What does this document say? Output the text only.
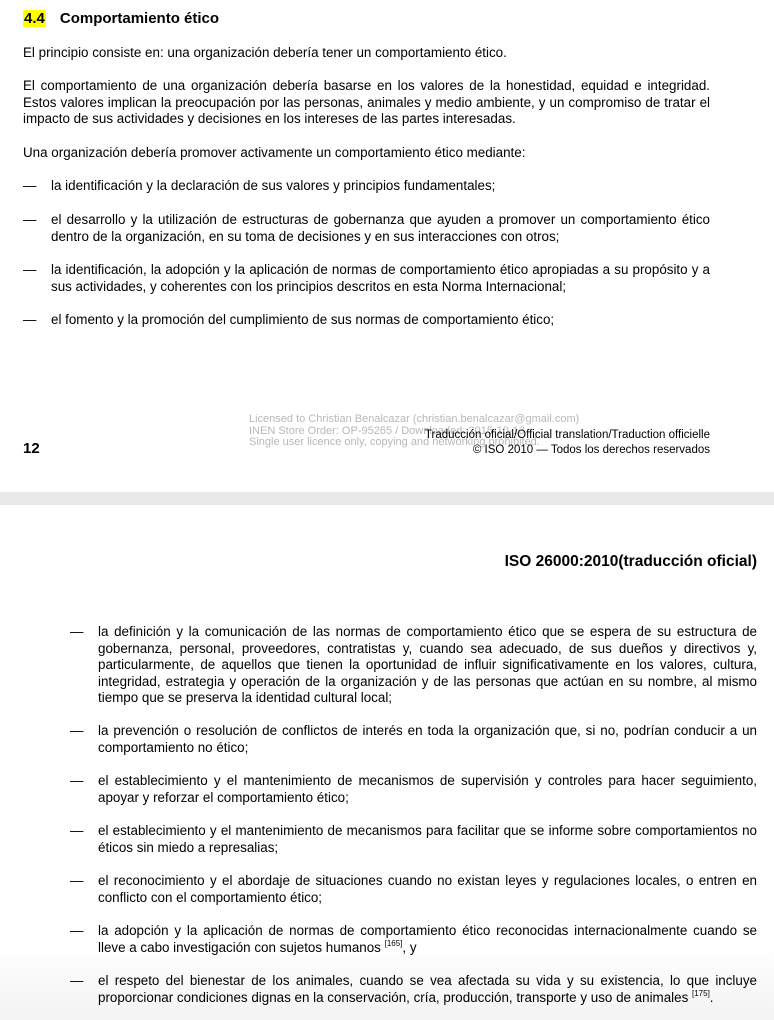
4.4 Comportamiento ético
El principio consiste en: una organización debería tener un comportamiento ético.
El comportamiento de una organización debería basarse en los valores de la honestidad, equidad e integridad. Estos valores implican la preocupación por las personas, animales y medio ambiente, y un compromiso de tratar el impacto de sus actividades y decisiones en los intereses de las partes interesadas.
Una organización debería promover activamente un comportamiento ético mediante:
— la identificación y la declaración de sus valores y principios fundamentales;
— el desarrollo y la utilización de estructuras de gobernanza que ayuden a promover un comportamiento ético dentro de la organización, en su toma de decisiones y en sus interacciones con otros;
— la identificación, la adopción y la aplicación de normas de comportamiento ético apropiadas a su propósito y a sus actividades, y coherentes con los principios descritos en esta Norma Internacional;
— el fomento y la promoción del cumplimiento de sus normas de comportamiento ético;
12
Licensed to Christian Benalcazar (christian.benalcazar@gmail.com)
INEN Store Order: OP-95265 / Downloaded: 2015-10-13
Single user licence only, copying and networking prohibited.
Traducción oficial/Official translation/Traduction officielle
© ISO 2010 — Todos los derechos reservados
ISO 26000:2010(traducción oficial)
— la definición y la comunicación de las normas de comportamiento ético que se espera de su estructura de gobernanza, personal, proveedores, contratistas y, cuando sea adecuado, de sus dueños y directivos y, particularmente, de aquellos que tienen la oportunidad de influir significativamente en los valores, cultura, integridad, estrategia y operación de la organización y de las personas que actúan en su nombre, al mismo tiempo que se preserva la identidad cultural local;
— la prevención o resolución de conflictos de interés en toda la organización que, si no, podrían conducir a un comportamiento no ético;
— el establecimiento y el mantenimiento de mecanismos de supervisión y controles para hacer seguimiento, apoyar y reforzar el comportamiento ético;
— el establecimiento y el mantenimiento de mecanismos para facilitar que se informe sobre comportamientos no éticos sin miedo a represalias;
— el reconocimiento y el abordaje de situaciones cuando no existan leyes y regulaciones locales, o entren en conflicto con el comportamiento ético;
— la adopción y la aplicación de normas de comportamiento ético reconocidas internacionalmente cuando se lleve a cabo investigación con sujetos humanos [165], y
— el respeto del bienestar de los animales, cuando se vea afectada su vida y su existencia, lo que incluye proporcionar condiciones dignas en la conservación, cría, producción, transporte y uso de animales [175].
